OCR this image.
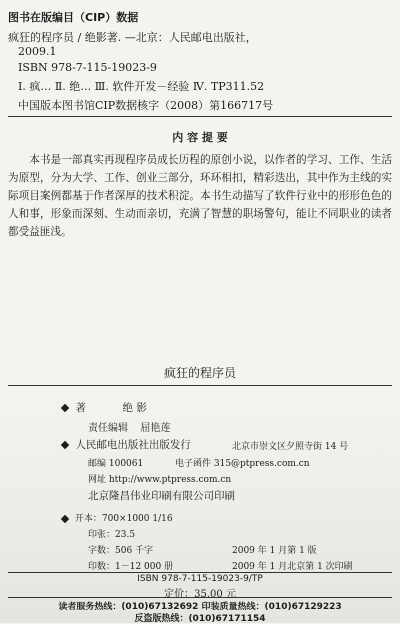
图书在版编目（CIP）数据
疯狂的程序员 / 绝影著. —北京：人民邮电出版社，
2009.1
ISBN 978-7-115-19023-9
Ⅰ. 疯… Ⅱ. 绝… Ⅲ. 软件开发－经验 Ⅳ. TP311.52
中国版本图书馆CIP数据核字（2008）第166717号
内 容 提 要

本书是一部真实再现程序员成长历程的原创小说，以作者的学习、工作、生活为原型，分为大学、工作、创业三部分，环环相扣，精彩迭出，其中作为主线的实际项目案例都基于作者深厚的技术积淀。本书生动描写了软件行业中的形形色色的人和事，形象而深刻、生动而亲切，充满了智慧的职场警句，能让不同职业的读者都受益匪浅。

疯狂的程序员
著	绝 影
责任编辑 屈艳莲
人民邮电出版社出版发行	北京市崇文区夕照寺街 14 号
邮编 100061	电子函件 315@ptpress.com.cn
网址 http://www.ptpress.com.cn
北京隆昌伟业印刷有限公司印刷
开本：700×1000 1/16
印张：23.5
字数：506 千字	2009 年 1 月第 1 版
印数：1－12 000 册	2009 年 1 月北京第 1 次印刷
ISBN 978-7-115-19023-9/TP
定价：35.00 元
读者服务热线：(010)67132692 印装质量热线：(010)67129223
反盗版热线：(010)67171154
